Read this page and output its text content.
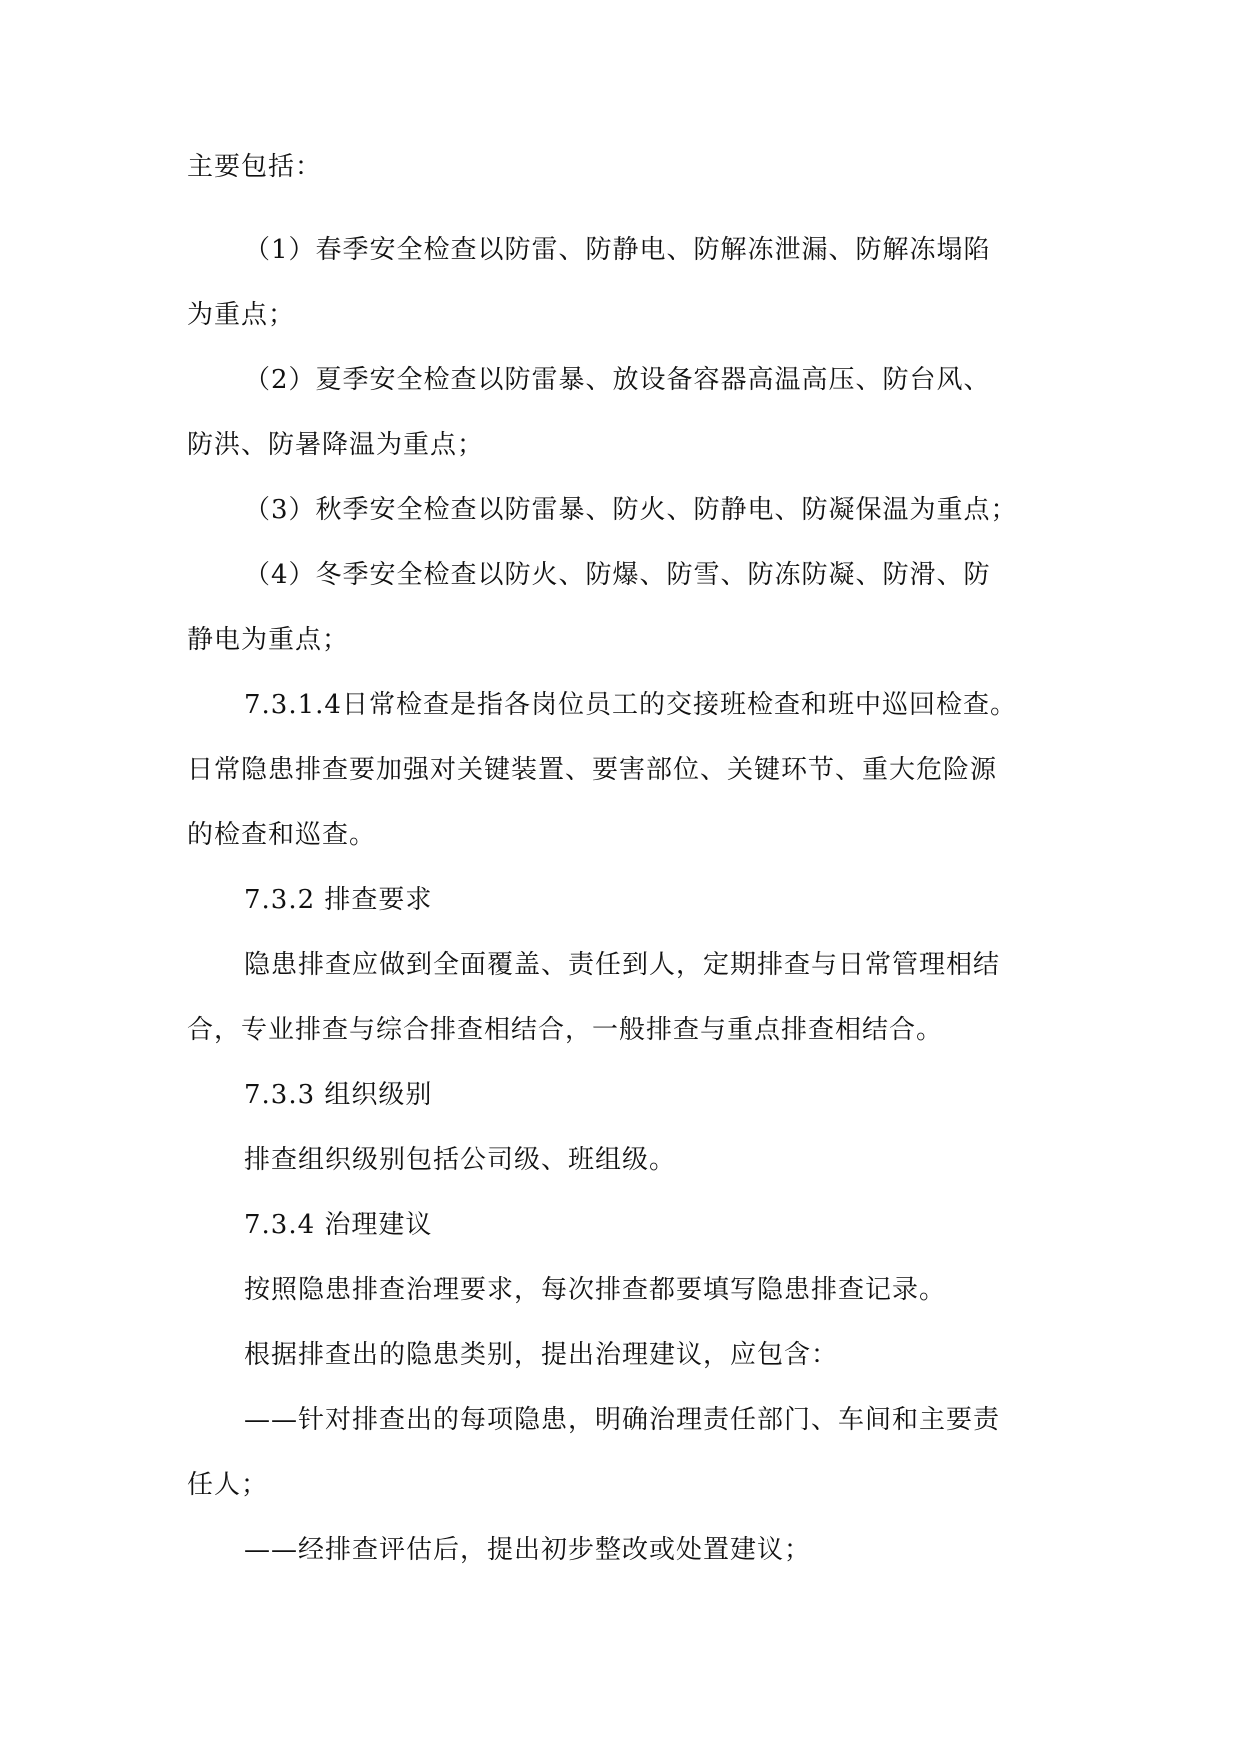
主要包括：
（1）春季安全检查以防雷、防静电、防解冻泄漏、防解冻塌陷
为重点；
（2）夏季安全检查以防雷暴、放设备容器高温高压、防台风、
防洪、防暑降温为重点；
（3）秋季安全检查以防雷暴、防火、防静电、防凝保温为重点；
（4）冬季安全检查以防火、防爆、防雪、防冻防凝、防滑、防
静电为重点；
7.3.1.4日常检查是指各岗位员工的交接班检查和班中巡回检查。
日常隐患排查要加强对关键装置、要害部位、关键环节、重大危险源
的检查和巡查。
7.3.2 排查要求
隐患排查应做到全面覆盖、责任到人，定期排查与日常管理相结
合，专业排查与综合排查相结合，一般排查与重点排查相结合。
7.3.3 组织级别
排查组织级别包括公司级、班组级。
7.3.4 治理建议
按照隐患排查治理要求，每次排查都要填写隐患排查记录。
根据排查出的隐患类别，提出治理建议，应包含：
——针对排查出的每项隐患，明确治理责任部门、车间和主要责
任人；
——经排查评估后，提出初步整改或处置建议；
